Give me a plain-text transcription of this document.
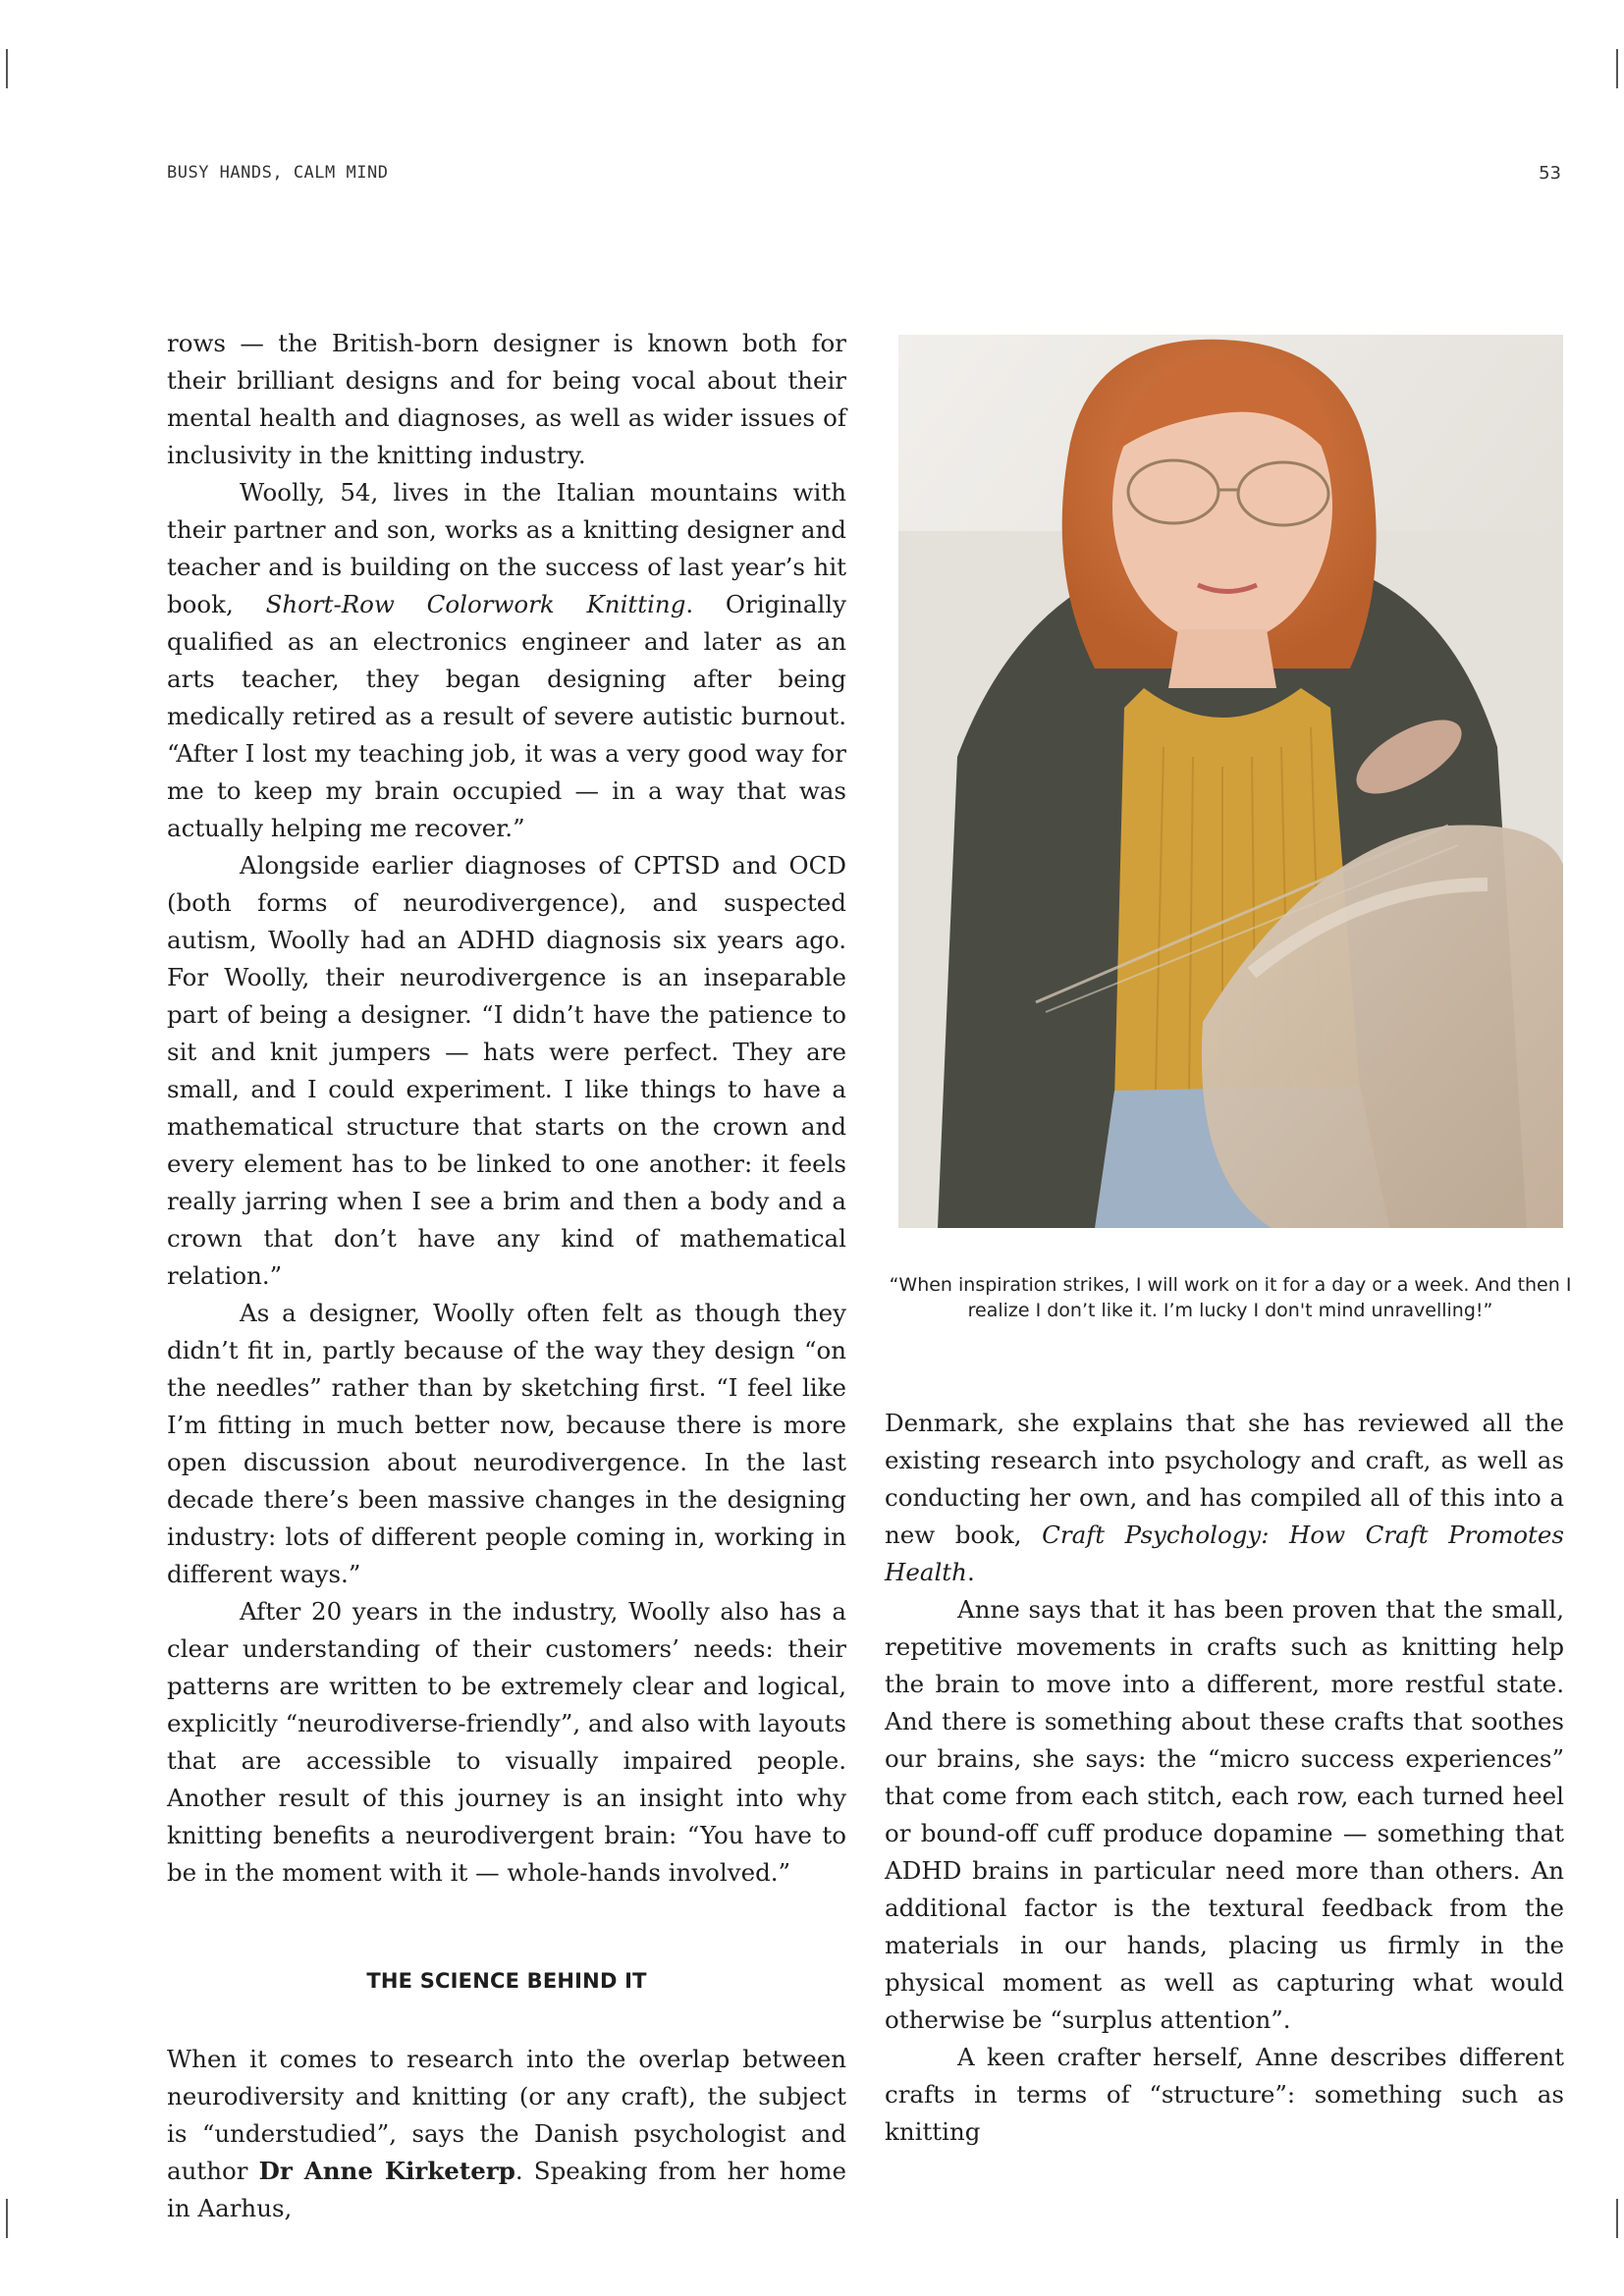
BUSY HANDS, CALM MIND	53

rows — the British-born designer is known both for their brilliant designs and for being vocal about their mental health and diagnoses, as well as wider issues of inclusivity in the knitting industry.

Woolly, 54, lives in the Italian mountains with their partner and son, works as a knitting designer and teacher and is building on the success of last year’s hit book, Short-Row Colorwork Knitting. Originally qualified as an electronics engineer and later as an arts teacher, they began designing after being medically retired as a result of severe autistic burnout. “After I lost my teaching job, it was a very good way for me to keep my brain occupied — in a way that was actually helping me recover.”

Alongside earlier diagnoses of CPTSD and OCD (both forms of neurodivergence), and suspected autism, Woolly had an ADHD diagnosis six years ago. For Woolly, their neurodivergence is an inseparable part of being a designer. “I didn’t have the patience to sit and knit jumpers — hats were perfect. They are small, and I could experiment. I like things to have a mathematical structure that starts on the crown and every element has to be linked to one another: it feels really jarring when I see a brim and then a body and a crown that don’t have any kind of mathematical relation.”

As a designer, Woolly often felt as though they didn’t fit in, partly because of the way they design “on the needles” rather than by sketching first. “I feel like I’m fitting in much better now, because there is more open discussion about neurodivergence. In the last decade there’s been massive changes in the designing industry: lots of different people coming in, working in different ways.”

After 20 years in the industry, Woolly also has a clear understanding of their customers’ needs: their patterns are written to be extremely clear and logical, explicitly “neurodiverse-friendly”, and also with layouts that are accessible to visually impaired people. Another result of this journey is an insight into why knitting benefits a neurodivergent brain: “You have to be in the moment with it — whole-hands involved.”

THE SCIENCE BEHIND IT

When it comes to research into the overlap between neurodiversity and knitting (or any craft), the subject is “understudied”, says the Danish psychologist and author Dr Anne Kirketerp. Speaking from her home in Aarhus,

“When inspiration strikes, I will work on it for a day or a week. And then I realize I don’t like it. I’m lucky I don't mind unravelling!”

Denmark, she explains that she has reviewed all the existing research into psychology and craft, as well as conducting her own, and has compiled all of this into a new book, Craft Psychology: How Craft Promotes Health.

Anne says that it has been proven that the small, repetitive movements in crafts such as knitting help the brain to move into a different, more restful state. And there is something about these crafts that soothes our brains, she says: the “micro success experiences” that come from each stitch, each row, each turned heel or bound-off cuff produce dopamine — something that ADHD brains in particular need more than others. An additional factor is the textural feedback from the materials in our hands, placing us firmly in the physical moment as well as capturing what would otherwise be “surplus attention”.

A keen crafter herself, Anne describes different crafts in terms of “structure”: something such as knitting
